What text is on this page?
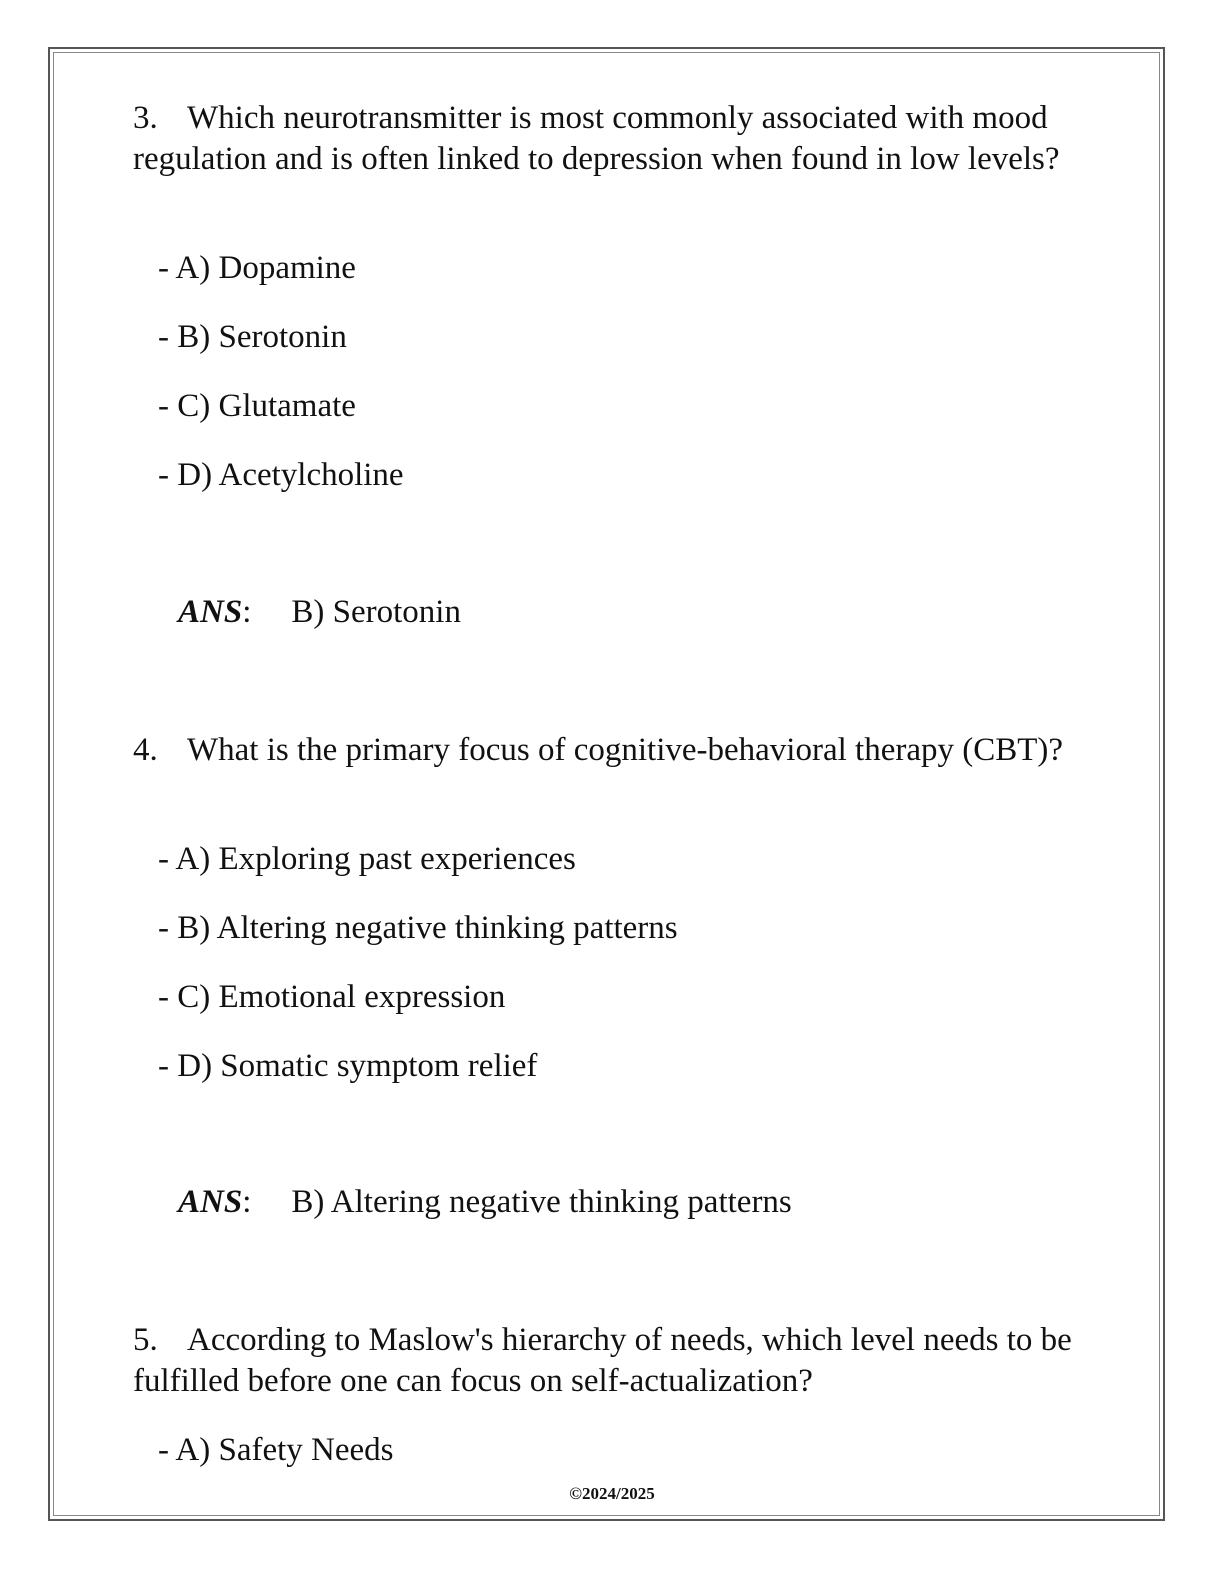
3. Which neurotransmitter is most commonly associated with mood regulation and is often linked to depression when found in low levels?
- A) Dopamine
- B) Serotonin
- C) Glutamate
- D) Acetylcholine
ANS: B) Serotonin
4. What is the primary focus of cognitive-behavioral therapy (CBT)?
- A) Exploring past experiences
- B) Altering negative thinking patterns
- C) Emotional expression
- D) Somatic symptom relief
ANS: B) Altering negative thinking patterns
5. According to Maslow's hierarchy of needs, which level needs to be fulfilled before one can focus on self-actualization?
- A) Safety Needs
©2024/2025
